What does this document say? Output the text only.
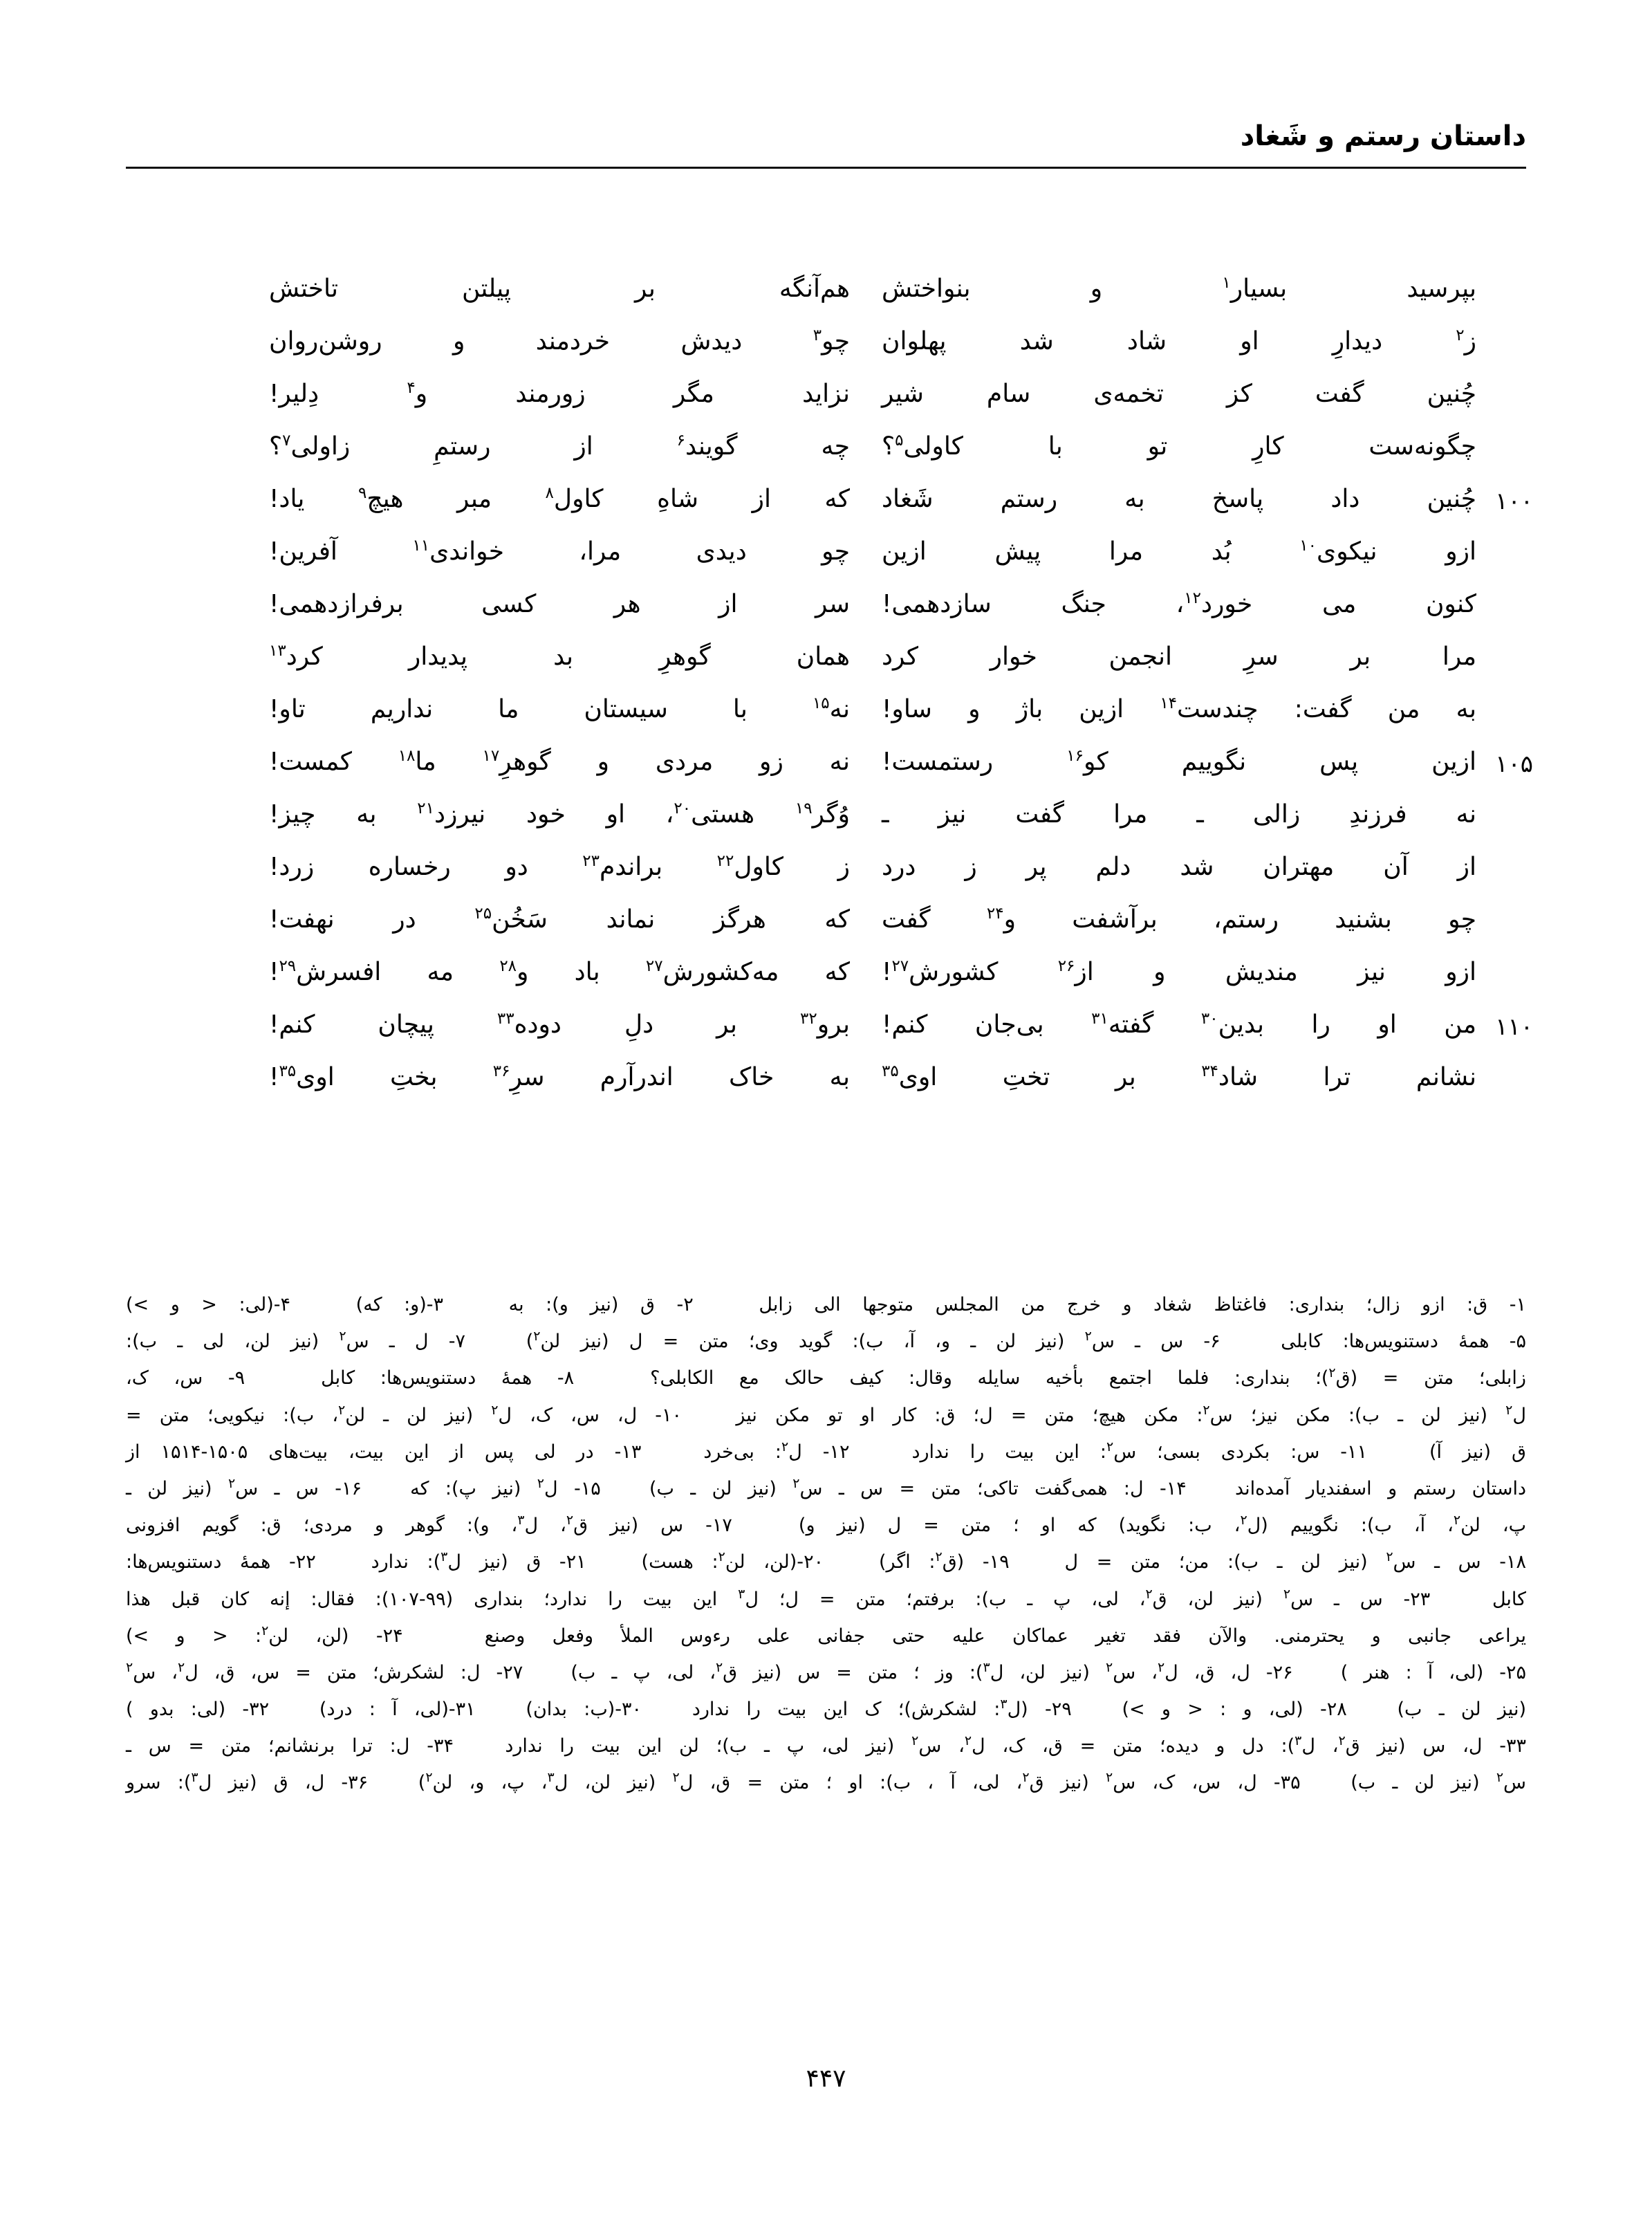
داستان رستم و شَغاد
بپرسید بسیار$^۱$ و بنواختش
هم‌آنگه بر پیلتن تاختش
ز$^۲$ دیدارِ او شاد شد پهلوان
چو$^۳$ دیدش خردمند و روشن‌روان
چُنین گفت کز تخمه‌ی سام شیر
نزاید مگر زورمند و$^۴$ دِلیر!
چگونه‌ست کارِ تو با کاولی$^۵$؟
چه گویند$^۶$ از رستمِ زاولی$^۷$؟
۱۰۰
چُنین داد پاسخ به رستم شَغاد
که از شاهِ کاول$^۸$ مبر هیچ$^۹$ یاد!
ازو نیکوی$^{۱۰}$ بُد مرا پیش ازین
چو دیدی مرا، خواندی$^{۱۱}$ آفرین!
کنون می خورد$^{۱۲}$، جنگ سازدهمی!
سر از هر کسی برفرازدهمی!
مرا بر سرِ انجمن خوار کرد
همان گوهرِ بد پدیدار کرد$^{۱۳}$
به من گفت: چندست$^{۱۴}$ ازین باژ و ساو!
نه$^{۱۵}$ با سیستان ما نداریم تاو!
۱۰۵
ازین پس نگوییم کو$^{۱۶}$ رستمست!
نه زو مردی و گوهرِ$^{۱۷}$ ما$^{۱۸}$ کمست!
نه فرزندِ زالی ـ مرا گفت نیز ـ
وُگر$^{۱۹}$ هستی$^{۲۰}$، او خود نیرزد$^{۲۱}$ به چیز!
از آن مهتران شد دلم پر ز درد
ز کاول$^{۲۲}$ براندم$^{۲۳}$ دو رخساره زرد!
چو بشنید رستم، برآشفت و$^{۲۴}$ گفت
که هرگز نماند سَخُن$^{۲۵}$ در نهفت!
ازو نیز مندیش و از$^{۲۶}$ کشورش$^{۲۷}$!
که مه‌کشورش$^{۲۷}$ باد و$^{۲۸}$ مه افسرش$^{۲۹}$!
۱۱۰
من او را بدین$^{۳۰}$ گفته$^{۳۱}$ بی‌جان کنم!
برو$^{۳۲}$ بر دلِ دوده$^{۳۳}$ پیچان کنم!
نشانم ترا شاد$^{۳۴}$ بر تختِ اوی$^{۳۵}$
به خاک اندرآرم سرِ$^{۳۶}$ بختِ اوی$^{۳۵}$!

۱- ق: ازو زال؛ بنداری: فاغتاظ شغاد و خرج من المجلس متوجها الی زابل   ۲- ق (نیز و): به   ۳-(و: که)   ۴-(لی: < و >)

۵- همهٔ دستنویس‌ها: کابلی   ۶- س ـ س$^٢$ (نیز لن ـ و، آ، ب): گوید وی؛ متن = ل (نیز لن$^٢$)   ۷- ل ـ س$^٢$ (نیز لن، لی ـ ب):

زابلی؛ متن = (ق$^٢$)؛ بنداری: فلما اجتمع بأخیه سایله وقال: کیف حالک مع الکابلی؟   ۸- همهٔ دستنویس‌ها: کابل   ۹- س، ک،

ل$^٢$ (نیز لن ـ ب): مکن نیز؛ س$^٢$: مکن هیچ؛ متن = ل؛ ق: کار او تو مکن نیز   ۱۰- ل، س، ک، ل$^٢$ (نیز لن ـ لن$^٢$، ب): نیکویی؛ متن =

ق (نیز آ)   ۱۱- س: بکردی بسی؛ س$^٢$: این بیت را ندارد   ۱۲- ل$^٢$: بی‌خرد   ۱۳- در لی پس از این بیت، بیت‌های ۱۵۰۵-۱۵۱۴ از

داستان رستم و اسفندیار آمده‌اند   ۱۴- ل: همی‌گفت تاکی؛ متن = س ـ س$^٢$ (نیز لن ـ ب)   ۱۵- ل$^٢$ (نیز پ): که   ۱۶- س ـ س$^٢$ (نیز لن ـ

پ، لن$^٢$، آ، ب): نگوییم (ل$^٢$، ب: نگوید) که او ؛ متن = ل (نیز و)   ۱۷- س (نیز ق$^٢$، ل$^٣$، و): گوهر و مردی؛ ق: گویم افزونی

۱۸- س ـ س$^٢$ (نیز لن ـ ب): من؛ متن = ل   ۱۹- (ق$^٢$: اگر)   ۲۰-(لن، لن$^٢$: هست)   ۲۱- ق (نیز ل$^٣$): ندارد   ۲۲- همهٔ دستنویس‌ها:

کابل   ۲۳- س ـ س$^٢$ (نیز لن، ق$^٢$، لی، پ ـ ب): برفتم؛ متن = ل؛ ل$^٣$ این بیت را ندارد؛ بنداری (۹۹-۱۰۷): فقال: إنه کان قبل هذا

یراعی جانبی و یحترمنی. والآن فقد تغیر عماکان علیه حتی جفانی علی رءوس الملأ وفعل وصنع   ۲۴- (لن، لن$^٢$: < و >)

۲۵- (لی، آ : هنر )   ۲۶- ل، ق، ل$^٢$، س$^٢$ (نیز لن، ل$^٣$): وز ؛ متن = س (نیز ق$^٢$، لی، پ ـ ب)   ۲۷- ل: لشکرش؛ متن = س، ق، ل$^٢$، س$^٢$

(نیز لن ـ ب)   ۲۸- (لی، و : < و >)   ۲۹- (ل$^٣$: لشکرش)؛ ک این بیت را ندارد   ۳۰-(ب: بدان)   ۳۱-(لی، آ : درد)   ۳۲- (لی: بدو )

۳۳- ل، س (نیز ق$^٢$، ل$^٣$): دل و دیده؛ متن = ق، ک، ل$^٢$، س$^٢$ (نیز لی، پ ـ ب)؛ لن این بیت را ندارد   ۳۴- ل: ترا برنشانم؛ متن = س ـ

س$^٢$ (نیز لن ـ ب)   ۳۵- ل، س، ک، س$^٢$ (نیز ق$^٢$، لی، آ ، ب): او ؛ متن = ق، ل$^٢$ (نیز لن، ل$^٣$، پ، و، لن$^٢$)   ۳۶- ل، ق (نیز ل$^٣$): سرو

۴۴۷
